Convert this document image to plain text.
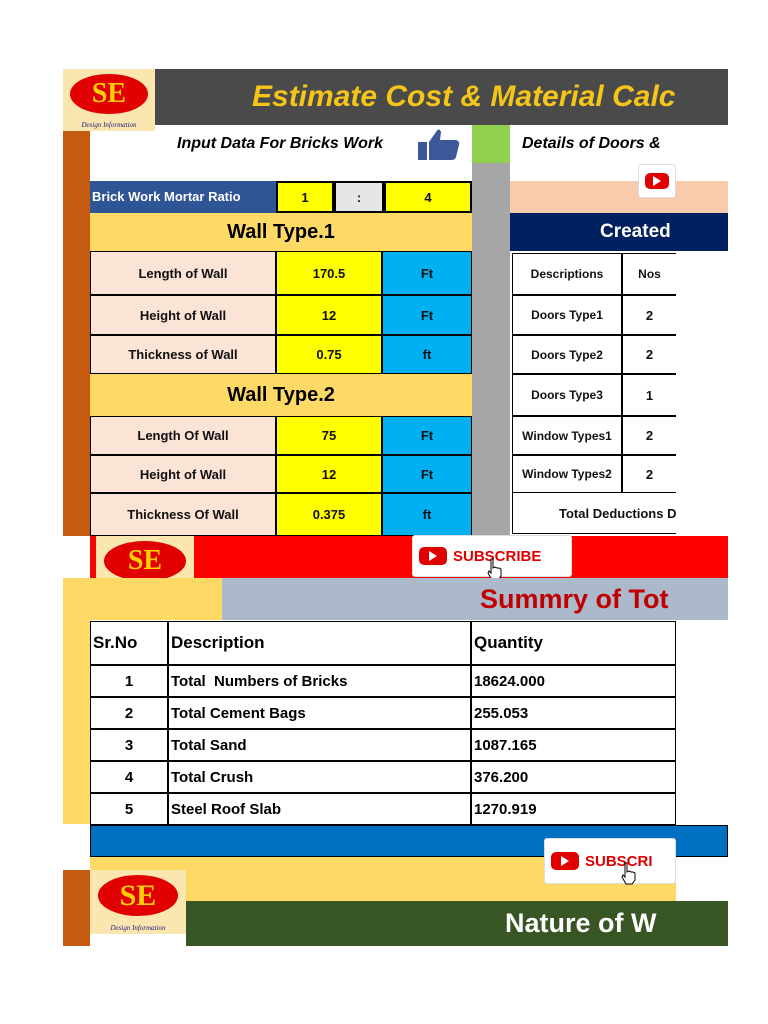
Estimate Cost & Material Calc
SE
Design Information
Input Data For Bricks Work	Details of Doors &
Brick Work Mortar Ratio	1	:	4
Wall Type.1
Length of Wall	170.5	Ft
Height of Wall	12	Ft
Thickness of Wall	0.75	ft
Wall Type.2
Length Of Wall	75	Ft
Height of Wall	12	Ft
Thickness Of Wall	0.375	ft
Created
Descriptions	Nos
Doors Type1	2
Doors Type2	2
Doors Type3	1
Window Types1	2
Window Types2	2
Total Deductions D
SE	SUBSCRIBE
Summry of Tot
Sr.No	Description	Quantity
1	Total  Numbers of Bricks	18624.000
2	Total Cement Bags	255.053
3	Total Sand	1087.165
4	Total Crush	376.200
5	Steel Roof Slab	1270.919
SUBSCRI
SE
Design Information	Nature of W
